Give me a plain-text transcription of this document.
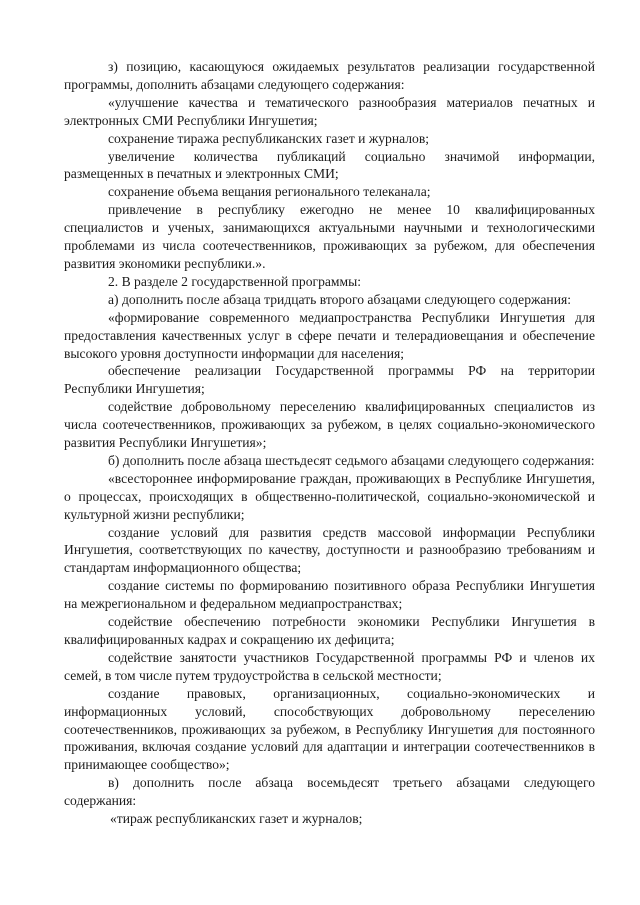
з) позицию, касающуюся ожидаемых результатов реализации государственной программы, дополнить абзацами следующего содержания:

«улучшение качества и тематического разнообразия материалов печатных и электронных СМИ Республики Ингушетия;

сохранение тиража республиканских газет и журналов;

увеличение количества публикаций социально значимой информации, размещенных в печатных и электронных СМИ;

сохранение объема вещания регионального телеканала;

привлечение в республику ежегодно не менее 10 квалифицированных специалистов и ученых, занимающихся актуальными научными и технологическими проблемами из числа соотечественников, проживающих за рубежом, для обеспечения развития экономики республики.».

2. В разделе 2 государственной программы:

а) дополнить после абзаца тридцать второго абзацами следующего содержания:

«формирование современного медиапространства Республики Ингушетия для предоставления качественных услуг в сфере печати и телерадиовещания и обеспечение высокого уровня доступности информации для населения;

обеспечение реализации Государственной программы РФ на территории Республики Ингушетия;

содействие добровольному переселению квалифицированных специалистов из числа соотечественников, проживающих за рубежом, в целях социально-экономического развития Республики Ингушетия»;

б) дополнить после абзаца шестьдесят седьмого абзацами следующего содержания:

«всестороннее информирование граждан, проживающих в Республике Ингушетия, о процессах, происходящих в общественно-политической, социально-экономической и культурной жизни республики;

создание условий для развития средств массовой информации Республики Ингушетия, соответствующих по качеству, доступности и разнообразию требованиям и стандартам информационного общества;

создание системы по формированию позитивного образа Республики Ингушетия на межрегиональном и федеральном медиапространствах;

содействие обеспечению потребности экономики Республики Ингушетия в квалифицированных кадрах и сокращению их дефицита;

содействие занятости участников Государственной программы РФ и членов их семей, в том числе путем трудоустройства в сельской местности;

создание правовых, организационных, социально-экономических и информационных условий, способствующих добровольному переселению соотечественников, проживающих за рубежом, в Республику Ингушетия для постоянного проживания, включая создание условий для адаптации и интеграции соотечественников в принимающее сообщество»;

в) дополнить после абзаца восемьдесят третьего абзацами следующего содержания:

«тираж республиканских газет и журналов;
